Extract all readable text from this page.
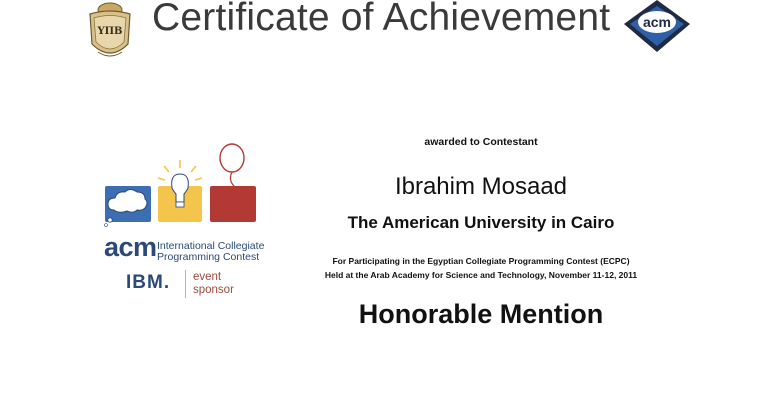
ΥΠΒ Certificate of Achievement acm
acm International Collegiate
Programming Contest
IBM. event
sponsor
awarded to Contestant
Ibrahim Mosaad
The American University in Cairo
For Participating in the Egyptian Collegiate Programming Contest (ECPC)
Held at the Arab Academy for Science and Technology, November 11-12, 2011
Honorable Mention
